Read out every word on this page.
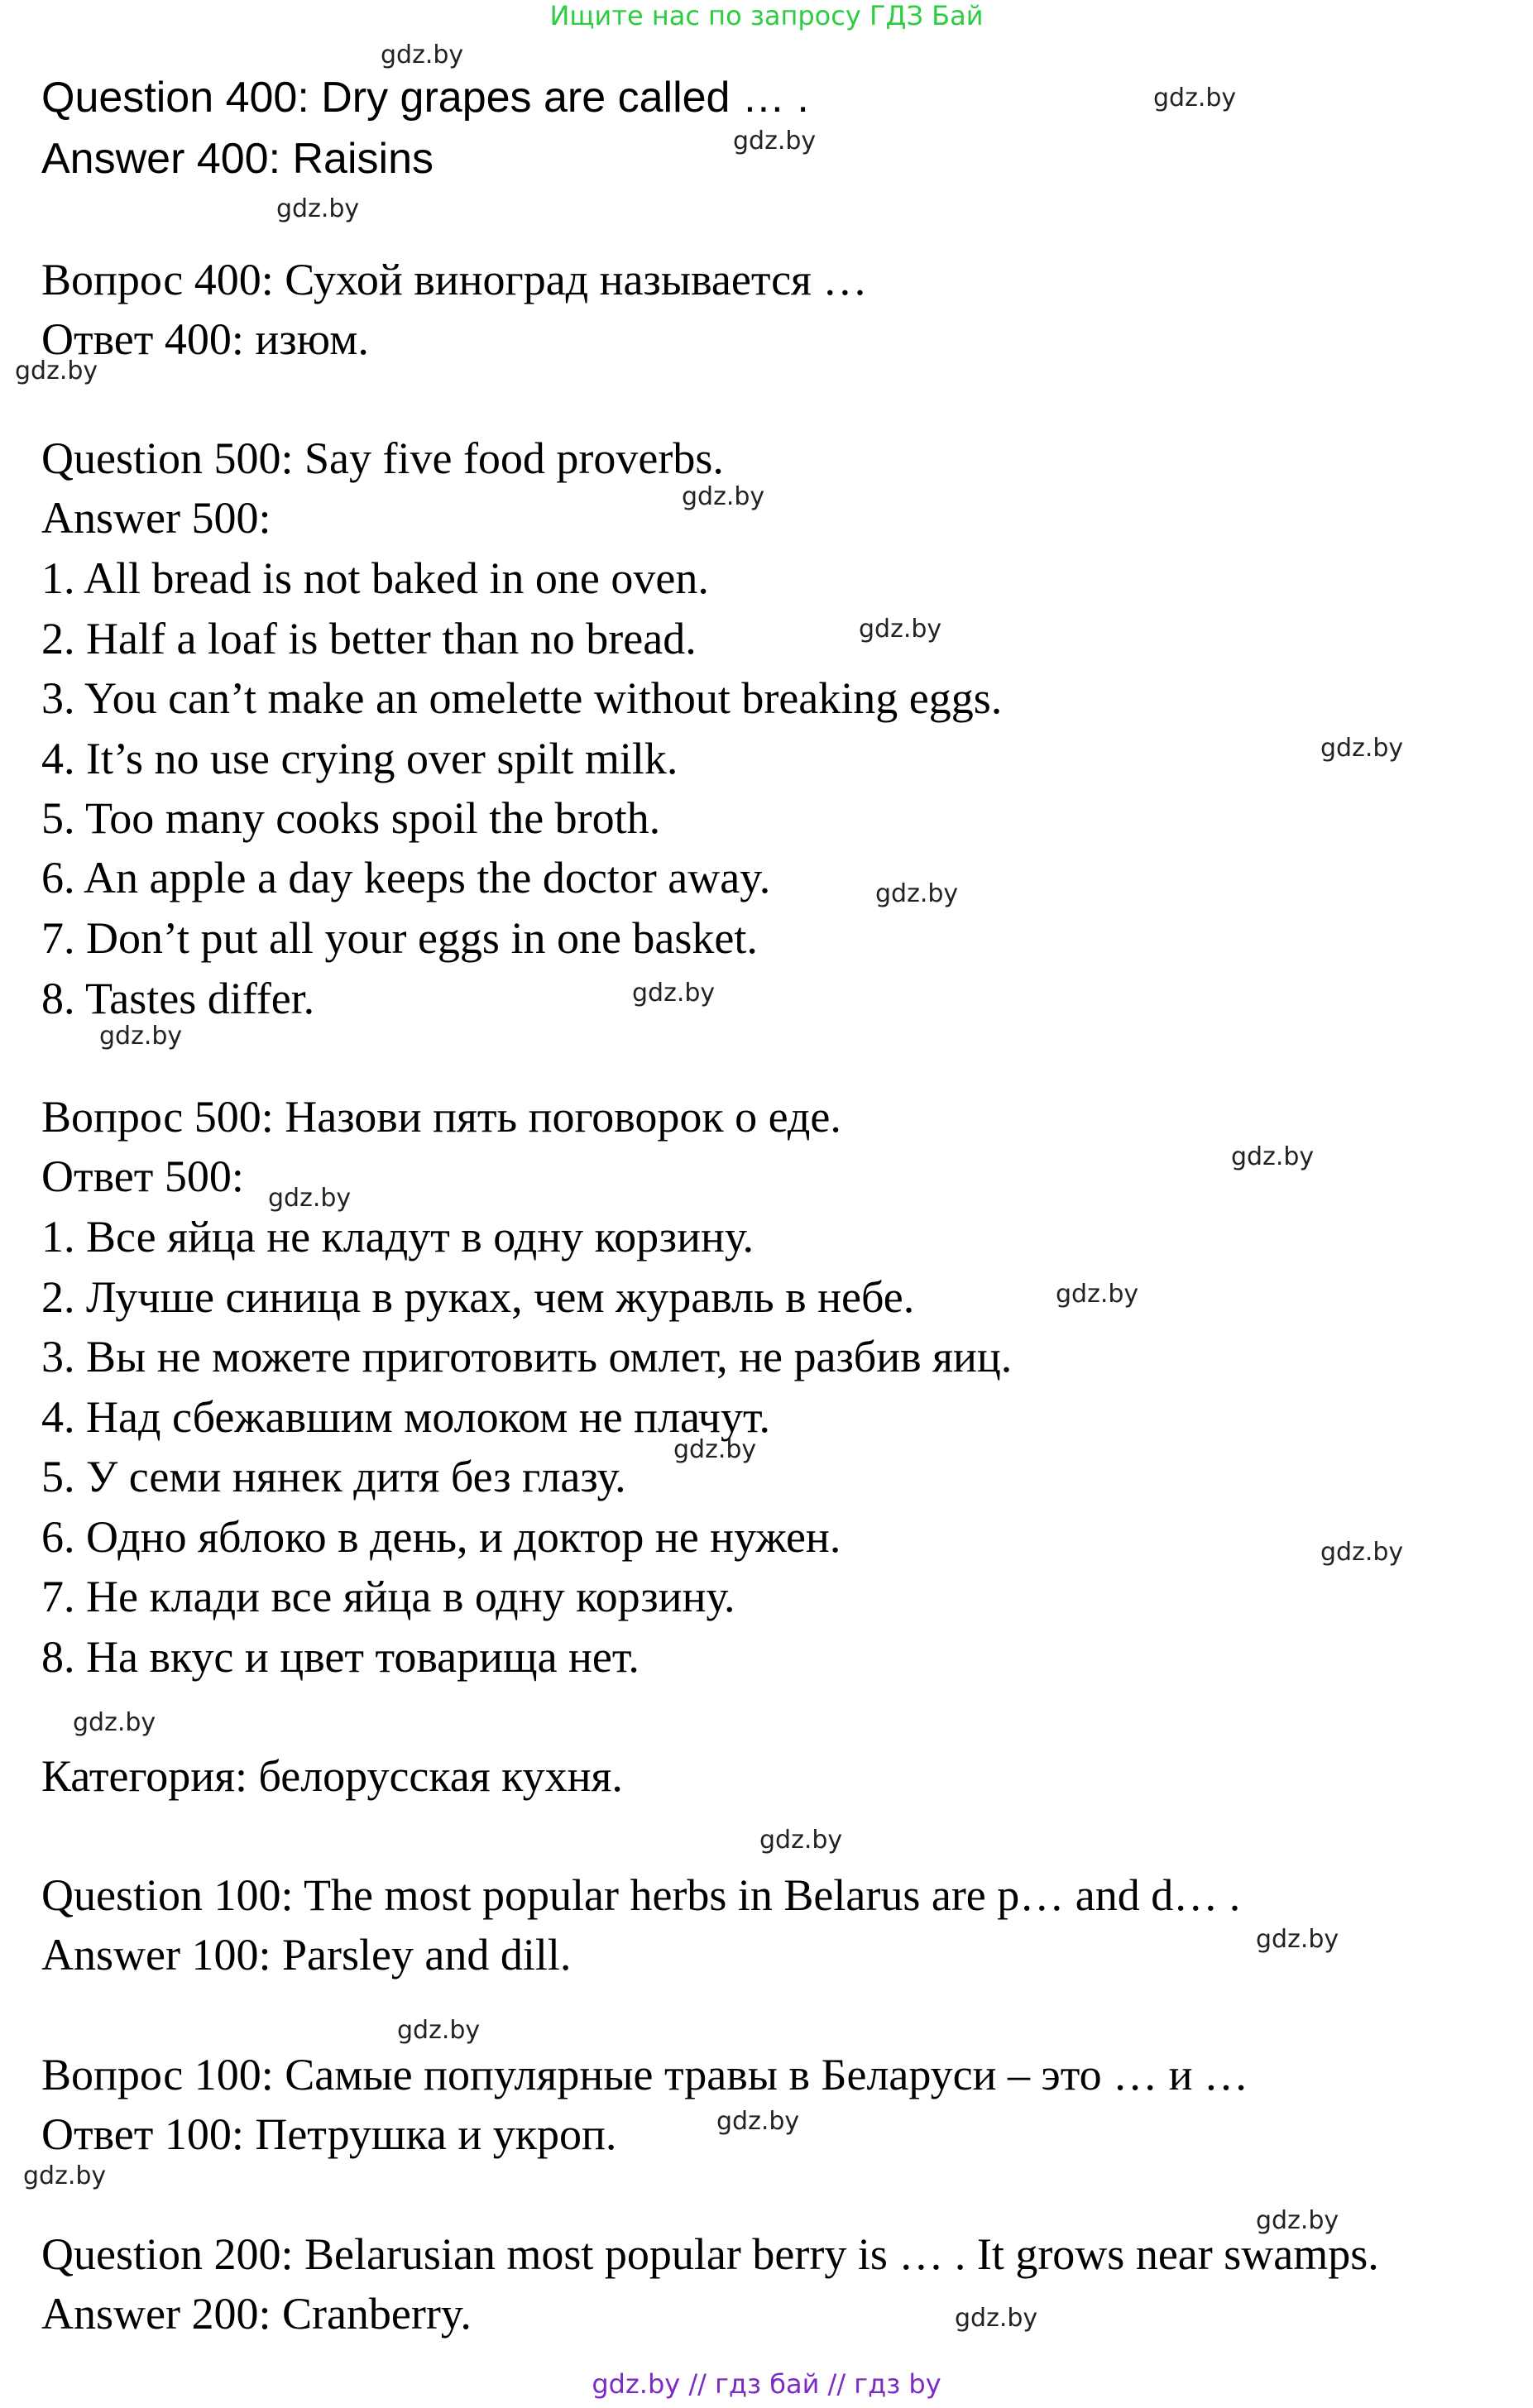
Ищите нас по запросу ГДЗ Бай
Question 400: Dry grapes are called … .
Answer 400: Raisins
Вопрос 400: Сухой виноград называется …
Ответ 400: изюм.
Question 500: Say five food proverbs.
Answer 500:
1. All bread is not baked in one oven.
2. Half a loaf is better than no bread.
3. You can’t make an omelette without breaking eggs.
4. It’s no use crying over spilt milk.
5. Too many cooks spoil the broth.
6. An apple a day keeps the doctor away.
7. Don’t put all your eggs in one basket.
8. Tastes differ.
Вопрос 500: Назови пять поговорок о еде.
Ответ 500:
1. Все яйца не кладут в одну корзину.
2. Лучше синица в руках, чем журавль в небе.
3. Вы не можете приготовить омлет, не разбив яиц.
4. Над сбежавшим молоком не плачут.
5. У семи нянек дитя без глазу.
6. Одно яблоко в день, и доктор не нужен.
7. Не клади все яйца в одну корзину.
8. На вкус и цвет товарища нет.
Категория: белорусская кухня.
Question 100: The most popular herbs in Belarus are p… and d… .
Answer 100: Parsley and dill.
Вопрос 100: Самые популярные травы в Беларуси – это … и …
Ответ 100: Петрушка и укроп.
Question 200: Belarusian most popular berry is … . It grows near swamps.
Answer 200: Cranberry.
gdz.by
gdz.by
gdz.by
gdz.by
gdz.by
gdz.by
gdz.by
gdz.by
gdz.by
gdz.by
gdz.by
gdz.by
gdz.by
gdz.by
gdz.by
gdz.by
gdz.by
gdz.by
gdz.by
gdz.by
gdz.by
gdz.by
gdz.by
gdz.by
gdz.by // гдз бай // гдз by
